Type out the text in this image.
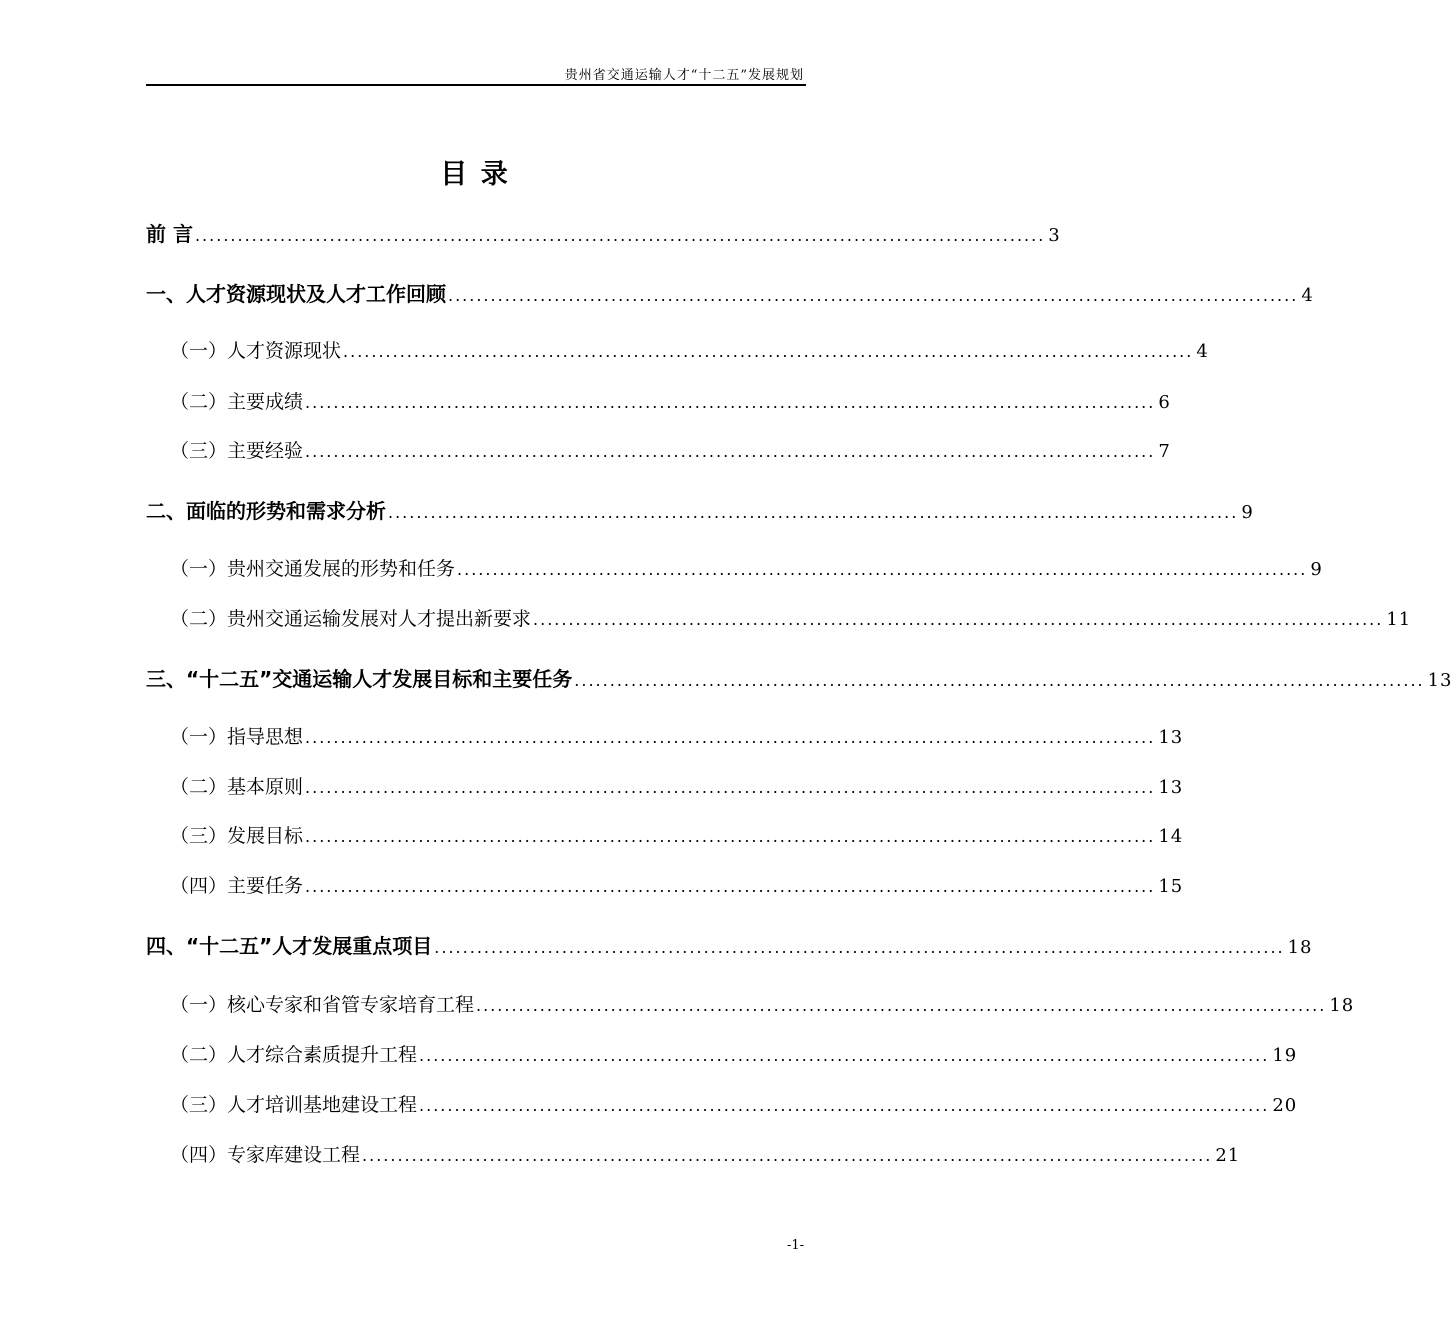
贵州省交通运输人才“十二五”发展规划
目 录
前 言 ........................................................................................................................ 3
一、人才资源现状及人才工作回顾 ........................................................................................................................ 4
（一）人才资源现状 ........................................................................................................................ 4
（二）主要成绩 ........................................................................................................................ 6
（三）主要经验 ........................................................................................................................ 7
二、面临的形势和需求分析 ........................................................................................................................ 9
（一）贵州交通发展的形势和任务 ........................................................................................................................ 9
（二）贵州交通运输发展对人才提出新要求 ........................................................................................................................ 11
三、“十二五”交通运输人才发展目标和主要任务 ........................................................................................................................ 13
（一）指导思想 ........................................................................................................................ 13
（二）基本原则 ........................................................................................................................ 13
（三）发展目标 ........................................................................................................................ 14
（四）主要任务 ........................................................................................................................ 15
四、“十二五”人才发展重点项目 ........................................................................................................................ 18
（一）核心专家和省管专家培育工程 ........................................................................................................................ 18
（二）人才综合素质提升工程 ........................................................................................................................ 19
（三）人才培训基地建设工程 ........................................................................................................................ 20
（四）专家库建设工程 ........................................................................................................................ 21
-1-
